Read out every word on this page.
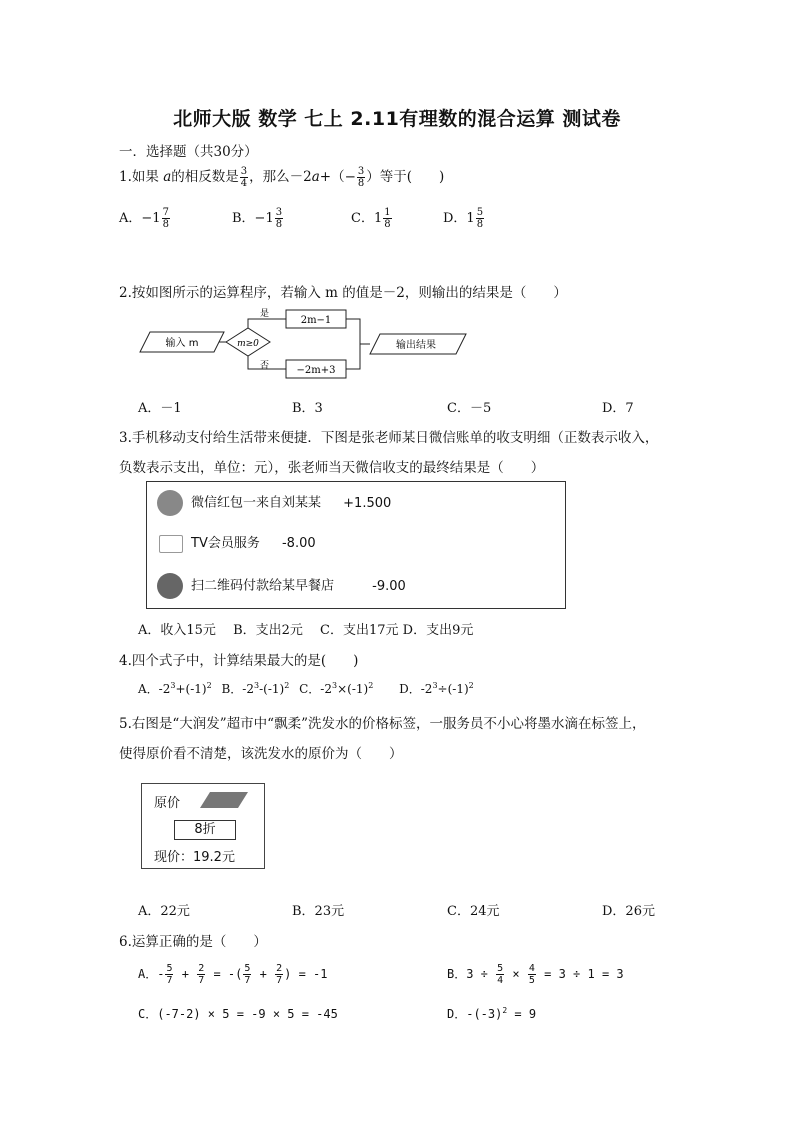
北师大版 数学 七上 2.11有理数的混合运算 测试卷
一．选择题（共30分）
1.如果 a的相反数是 $\frac{3}{4}$ ，那么$-2a+(- \frac{3}{8}$ ）等于(　　)
A．$-1 \frac{7}{8}$	B．$-1 \frac{3}{8}$	C．$1 \frac{1}{8}$	D．$1 \frac{5}{8}$
2.按如图所示的运算程序，若输入 m 的值是－2，则输出的结果是（　　）
输入 m	m≥0
是
否
2m−1
−2m+3
输出结果
A．－1	B．3	C．－5	D．7
3.手机移动支付给生活带来便捷．下图是张老师某日微信账单的收支明细（正数表示收入，
负数表示支出，单位：元），张老师当天微信收支的最终结果是（　　）
微信红包一来自刘某某 +1.500
TV会员服务 -8.00
扫二维码付款给某早餐店	-9.00
A．收入15元　 B．支出2元　 C．支出17元 D．支出9元
4.四个式子中，计算结果最大的是(　　)
A．$-2^3+(-1)^2$ B．$-2^3-(-1)^2$ C．$-2^3\times(-1)^2$ D．$-2^3\div(-1)^2$
5.右图是“大润发”超市中“飘柔”洗发水的价格标签，一服务员不小心将墨水滴在标签上，
使得原价看不清楚，该洗发水的原价为（　　）
原价
8折
现价：19.2元
A．22元	B．23元	C．24元	D．26元
6.运算正确的是（　　）
A．- $\frac{5}{7} + \frac{2}{7}$ = -( $\frac{5}{7} + \frac{2}{7}$ ) = -1	B．$3 \div \frac{5}{4} \times \frac{4}{5} = 3 \div 1 = 3$
C．(-7-2) × 5 = -9 × 5 = -45	D．$-(-3)^2 = 9$
